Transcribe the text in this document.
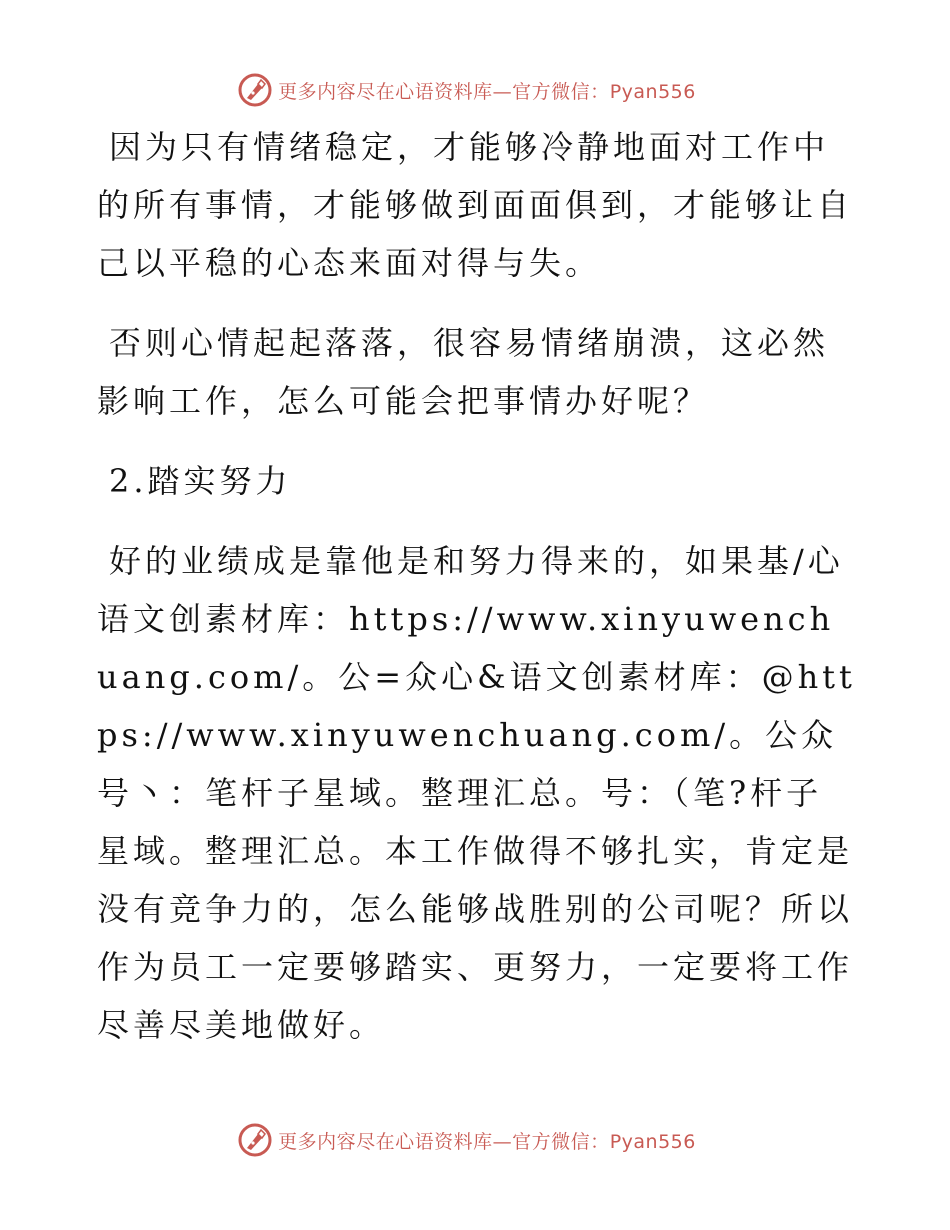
更多内容尽在心语资料库—官方微信：Pyan556

因为只有情绪稳定，才能够冷静地面对工作中的所有事情，才能够做到面面俱到，才能够让自己以平稳的心态来面对得与失。

否则心情起起落落，很容易情绪崩溃，这必然影响工作，怎么可能会把事情办好呢？

2.踏实努力

好的业绩成是靠他是和努力得来的，如果基/心语文创素材库：https://www.xinyuwenchuang.com/。公=众心&语文创素材库：@https://www.xinyuwenchuang.com/。公众号丶：笔杆子星域。整理汇总。号：（笔?杆子星域。整理汇总。本工作做得不够扎实，肯定是没有竞争力的，怎么能够战胜别的公司呢？所以作为员工一定要够踏实、更努力，一定要将工作尽善尽美地做好。

更多内容尽在心语资料库—官方微信：Pyan556
